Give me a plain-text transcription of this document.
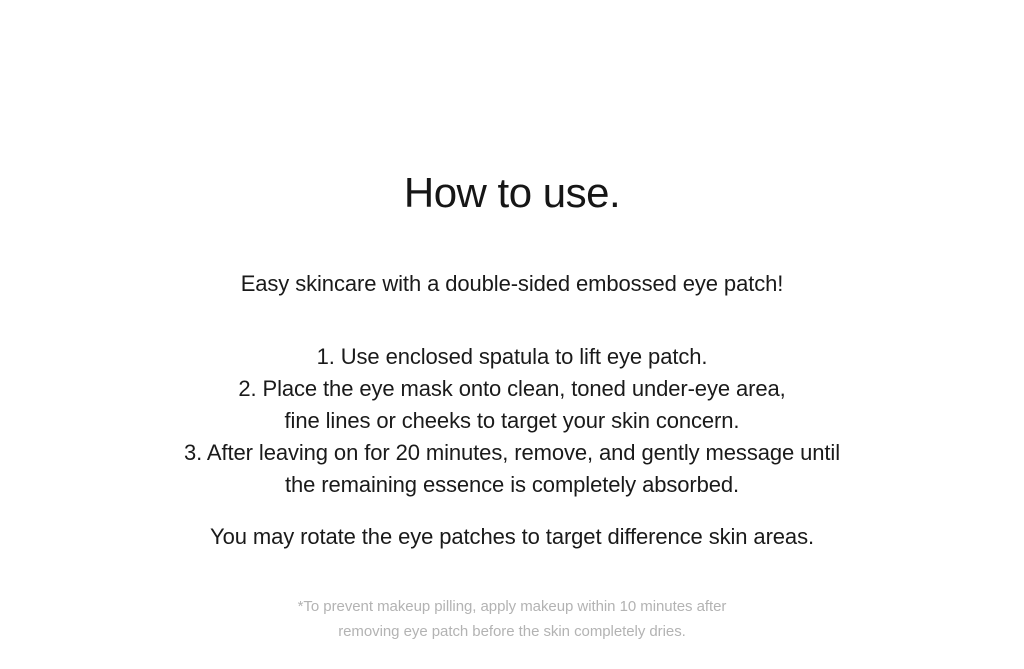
How to use.

Easy skincare with a double-sided embossed eye patch!

1. Use enclosed spatula to lift eye patch.
2. Place the eye mask onto clean, toned under-eye area,
fine lines or cheeks to target your skin concern.
3. After leaving on for 20 minutes, remove, and gently message until
the remaining essence is completely absorbed.

You may rotate the eye patches to target difference skin areas.

*To prevent makeup pilling, apply makeup within 10 minutes after
removing eye patch before the skin completely dries.
